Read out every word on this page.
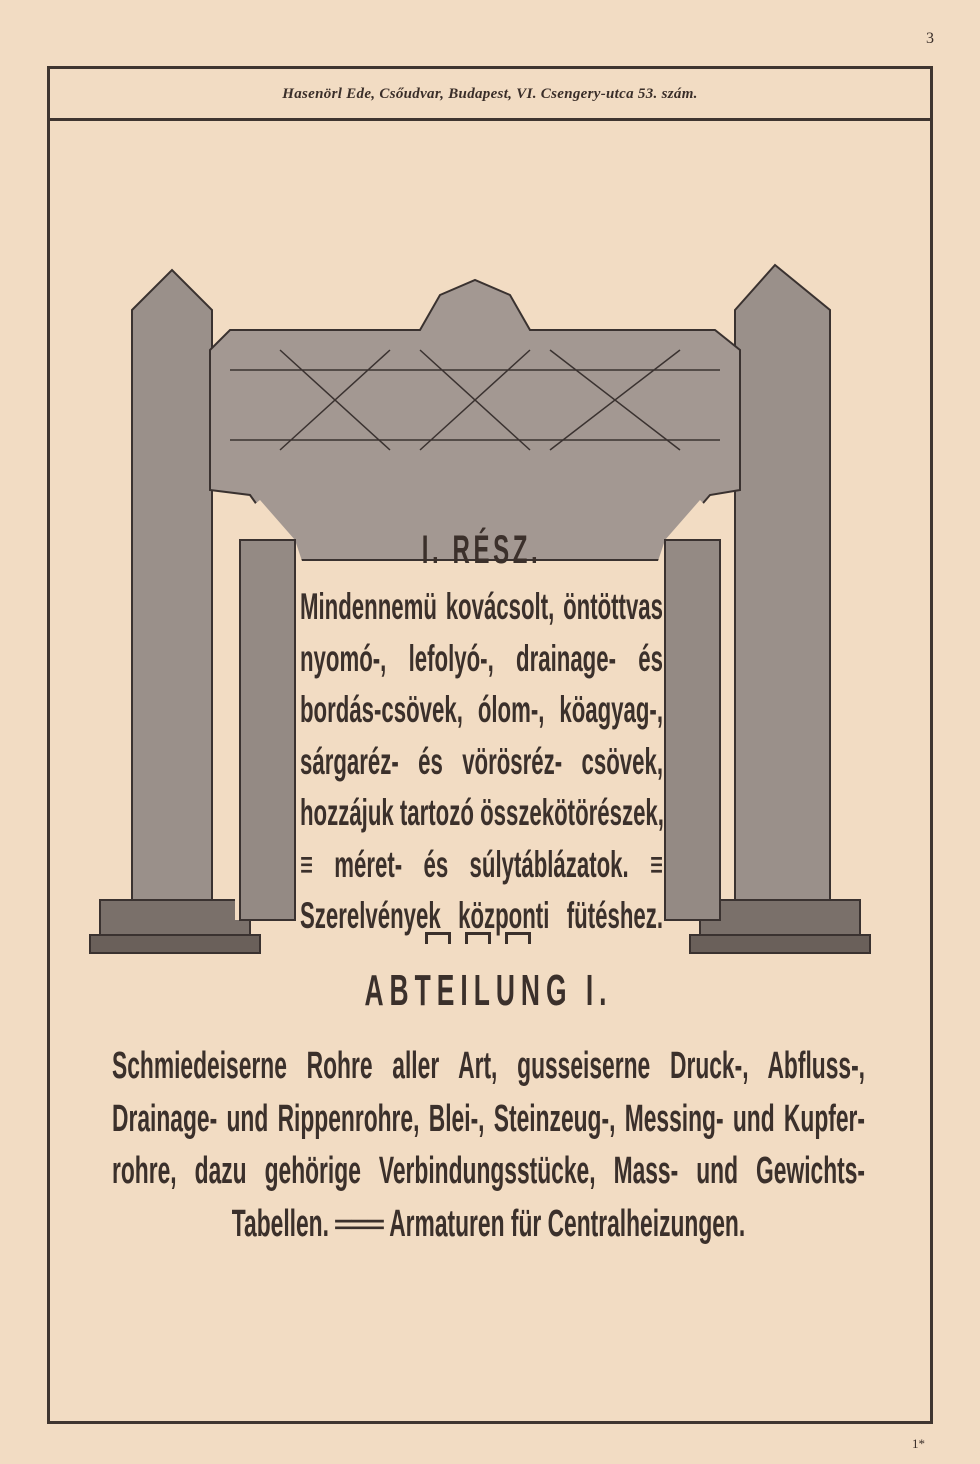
3
Hasenörl Ede, Csőudvar, Budapest, VI. Csengery-utca 53. szám.

I. RÉSZ.
Mindennemü kovácsolt, öntöttvas
nyomó-, lefolyó-, drainage- és
bordás-csövek, ólom-, köagyag-,
sárgaréz- és vörösréz- csövek,
hozzájuk tartozó összekötörészek,
≡ méret- és súlytáblázatok. ≡
Szerelvények központi fütéshez.
ABTEILUNG I.
Schmiedeiserne Rohre aller Art, gusseiserne Druck-, Abfluss-,
Drainage- und Rippenrohre, Blei-, Steinzeug-, Messing- und Kupfer-
rohre, dazu gehörige Verbindungsstücke, Mass- und Gewichts-
Tabellen. ═══ Armaturen für Centralheizungen.
1*
